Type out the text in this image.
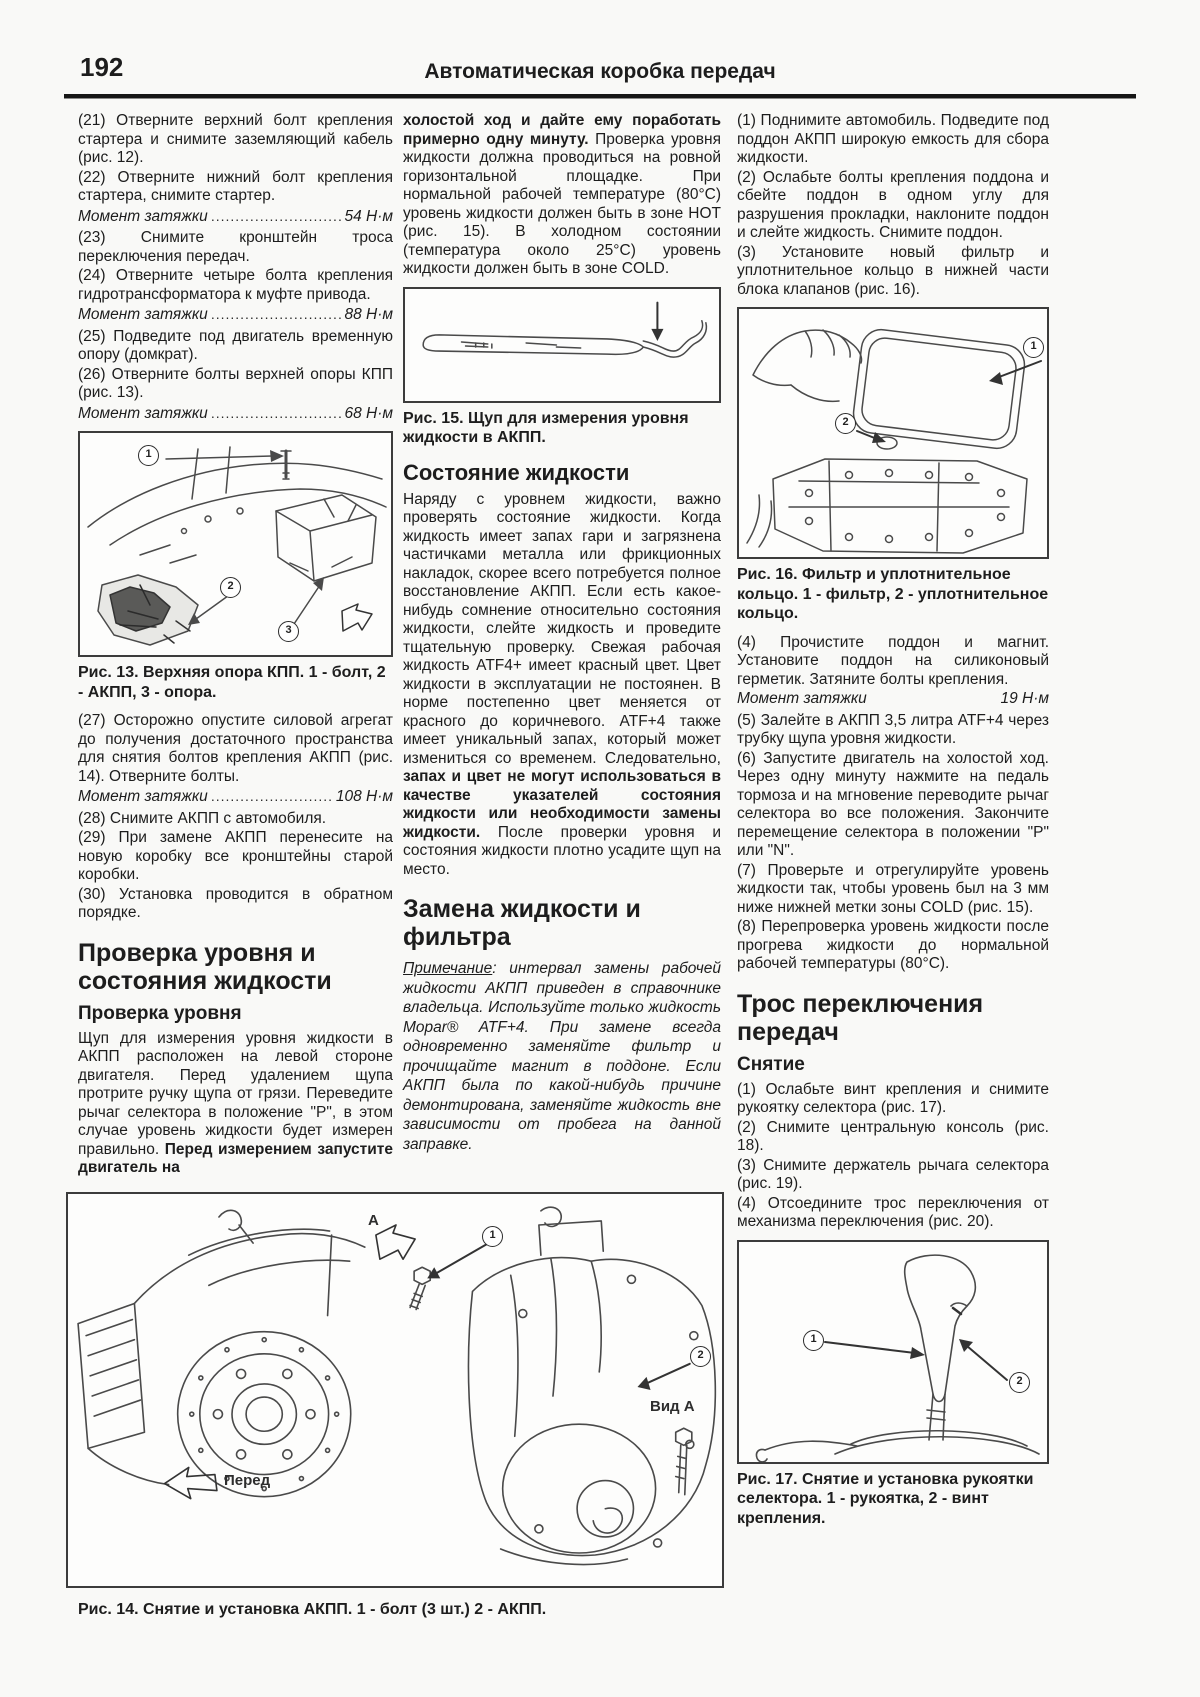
192	Автоматическая коробка передач

(21) Отверните верхний болт крепления стартера и снимите заземляющий кабель (рис. 12).

(22) Отверните нижний болт крепления стартера, снимите стартер.

Момент затяжки .....	54 Н·м

(23) Снимите кронштейн троса переключения передач.

(24) Отверните четыре болта крепления гидротрансформатора к муфте привода.

Момент затяжки .....	88 Н·м

(25) Подведите под двигатель временную опору (домкрат).

(26) Отверните болты верхней опоры КПП (рис. 13).

Момент затяжки .....	68 Н·м
1
2
3

Рис. 13. Верхняя опора КПП. 1 - болт, 2 - АКПП, 3 - опора.

(27) Осторожно опустите силовой агрегат до получения достаточного пространства для снятия болтов крепления АКПП (рис. 14). Отверните болты.

Момент затяжки .....	108 Н·м

(28) Снимите АКПП с автомобиля.

(29) При замене АКПП перенесите на новую коробку все кронштейны старой коробки.

(30) Установка проводится в обратном порядке.

Проверка уровня и состояния жидкости
Проверка уровня

Щуп для измерения уровня жидкости в АКПП расположен на левой стороне двигателя. Перед удалением щупа протрите ручку щупа от грязи. Переведите рычаг селектора в положение "P", в этом случае уровень жидкости будет измерен правильно. Перед измерением запустите двигатель на

холостой ход и дайте ему поработать примерно одну минуту. Проверка уровня жидкости должна проводиться на ровной горизонтальной площадке. При нормальной рабочей температуре (80°C) уровень жидкости должен быть в зоне HOT (рис. 15). В холодном состоянии (температура около 25°C) уровень жидкости должен быть в зоне COLD.

Рис. 15. Щуп для измерения уровня жидкости в АКПП.

Состояние жидкости

Наряду с уровнем жидкости, важно проверять состояние жидкости. Когда жидкость имеет запах гари и загрязнена частичками металла или фрикционных накладок, скорее всего потребуется полное восстановление АКПП. Если есть какое-нибудь сомнение относительно состояния жидкости, слейте жидкость и проведите тщательную проверку. Свежая рабочая жидкость ATF4+ имеет красный цвет. Цвет жидкости в эксплуатации не постоянен. В норме постепенно цвет меняется от красного до коричневого. ATF+4 также имеет уникальный запах, который может измениться со временем. Следовательно, запах и цвет не могут использоваться в качестве указателей состояния жидкости или необходимости замены жидкости. После проверки уровня и состояния жидкости плотно усадите щуп на место.

Замена жидкости и фильтра

Примечание: интервал замены рабочей жидкости АКПП приведен в справочнике владельца. Используйте только жидкость Mopar® ATF+4. При замене всегда одновременно заменяйте фильтр и прочищайте магнит в поддоне. Если АКПП была по какой-нибудь причине демонтирована, заменяйте жидкость вне зависимости от пробега на данной заправке.

(1) Поднимите автомобиль. Подведите под поддон АКПП широкую емкость для сбора жидкости.

(2) Ослабьте болты крепления поддона и сбейте поддон в одном углу для разрушения прокладки, наклоните поддон и слейте жидкость. Снимите поддон.

(3) Установите новый фильтр и уплотнительное кольцо в нижней части блока клапанов (рис. 16).

1
2

Рис. 16. Фильтр и уплотнительное кольцо. 1 - фильтр, 2 - уплотнительное кольцо.

(4) Прочистите поддон и магнит. Установите поддон на силиконовый герметик. Затяните болты крепления.

Момент затяжки	19 Н·м

(5) Залейте в АКПП 3,5 литра ATF+4 через трубку щупа уровня жидкости.

(6) Запустите двигатель на холостой ход. Через одну минуту нажмите на педаль тормоза и на мгновение переводите рычаг селектора во все положения. Закончите перемещение селектора в положении "P" или "N".

(7) Проверьте и отрегулируйте уровень жидкости так, чтобы уровень был на 3 мм ниже нижней метки зоны COLD (рис. 15).

(8) Перепроверка уровень жидкости после прогрева жидкости до нормальной рабочей температуры (80°C).

Трос переключения передач
Снятие

(1) Ослабьте винт крепления и снимите рукоятку селектора (рис. 17).

(2) Снимите центральную консоль (рис. 18).

(3) Снимите держатель рычага селектора (рис. 19).

(4) Отсоедините трос переключения от механизма переключения (рис. 20).

1
2

Рис. 17. Снятие и установка рукоятки селектора. 1 - рукоятка, 2 - винт крепления.

1
2
А
Перед
Вид А

Рис. 14. Снятие и установка АКПП. 1 - болт (3 шт.) 2 - АКПП.
